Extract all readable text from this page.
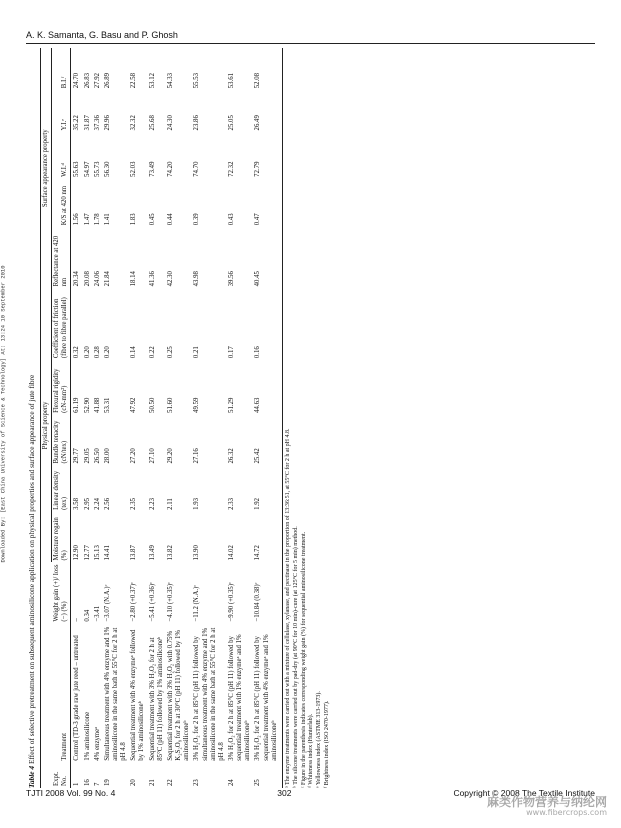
A. K. Samanta, G. Basu and P. Ghosh
Downloaded By: [East China University of Science & Technology] At: 13:24 10 September 2010
Table 4 Effect of selective pretreatment on subsequent aminosilicone application on physical properties and surface appearance of jute fibre
			Physical property					Surface appearance property				
Expt. No.	Treatment	Weight gain (+)/ loss (−) (%)	Moisture regain (%)	Linear density (tex)	Bundle tenacity (cN/tex)	Flexural rigidity (cN-mm²)	Coefficient of friction (fibre to fibre parallel)	Reflectance at 420 nm	K/S at 420 nm	W.I.ᵈ	Y.I.ᵉ	B.I.ᶠ
1	Control (TD-3 grade raw jute reed – untreated	–	12.90	3.58	29.77	61.19	0.32	20.34	1.56	55.63	35.22	24.70
16	1% aminosilicone	0.34	12.77	2.95	29.05	52.90	0.20	20.08	1.47	54.97	31.87	26.83
7	4% enzymeᵃ	−3.41	15.13	2.24	26.50	41.88	0.28	24.06	1.78	55.73	37.36	27.92
19	Simultaneous treatment with 4% enzyme and 1% aminosilicone in the same bath at 55°C for 2 h at pH 4.8	−3.07 (N.A.)ᶜ	14.41	2.56	28.00	53.31	0.20	21.84	1.41	56.30	29.96	26.89
20	Sequential treatment with 4% enzymeᵃ followed by 1% aminosiliconeᵇ	−2.80 (+0.37)ᶜ	13.87	2.35	27.20	47.92	0.14	18.14	1.83	52.03	32.32	22.58
21	Sequential treatment with 3% H₂O₂ for 2 h at 85°C (pH 11) followed by 1% aminosiliconeᵇ	−5.41 (+0.36)ᶜ	13.49	2.23	27.10	50.50	0.22	41.36	0.45	73.49	25.68	53.12
22	Sequential treatment with 3% H₂O₂ with 0.75% K₂S₂O₈ for 2 h at 30°C (pH 11) followed by 1% aminosiliconeᵇ	−4.10 (+0.35)ᶜ	13.82	2.11	29.20	51.60	0.25	42.30	0.44	74.20	24.30	54.33
23	3% H₂O₂ for 2 h at 85°C (pH 11) followed by simultaneous treatment with 4% enzyme and 1% aminosilicone in the same bath at 55°C for 2 h at pH 4.8	−11.2 (N.A.)ᶜ	13.90	1.93	27.16	49.59	0.21	43.98	0.39	74.70	23.86	55.53
24	3% H₂O₂ for 2 h at 85°C (pH 11) followed by sequential treatment with 1% enzymeᵃ and 1% aminosiliconeᵇ	−9.90 (+0.35)ᶜ	14.02	2.33	26.32	51.29	0.17	39.56	0.43	72.32	25.05	53.61
25	3% H₂O₂ for 2 h at 85°C (pH 11) followed by sequential treatment with 4% enzymeᵃ and 1% aminosiliconeᵇ	−10.84 (0.38)ᶜ	14.72	1.92	25.42	44.63	0.16	40.45	0.47	72.79	26.49	52.08
ᵃ The enzyme treatments were carried out with a mixture of cellulase, xylanase, and pectinase in the proportion of 13:36:51, at 55°C for 2 h at pH 4.8. ᵇ The silicone treatments were carried out by pad-dry (at 90°C for 10 min)-cure (at 125°C for 5 min) method. ᶜ Figure in the parenthesis indicates corresponding weight gain (%) for sequential aminosilicone treatment. ᵈ Whiteness index (Hunterlab). ᵉ Yellowness index (ASTME 313-1973). ᶠ Brightness index (ISO 2470-1977).
TJTI 2008 Vol. 99 No. 4	302	Copyright © 2008 The Textile Institute
麻类作物营养与纳纶网
www.fibercrops.com
